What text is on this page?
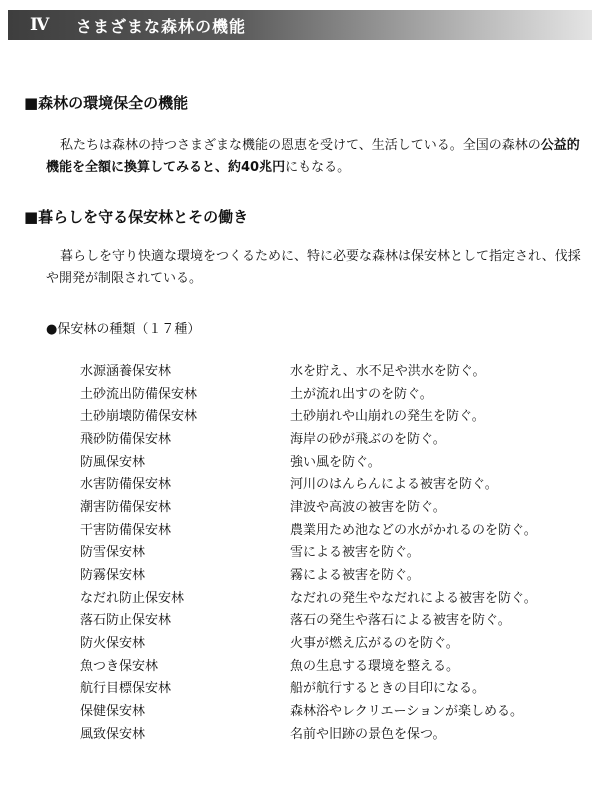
Ⅳ	さまざまな森林の機能
■森林の環境保全の機能
私たちは森林の持つさまざまな機能の恩恵を受けて、生活している。全国の森林の公益的機能を全額に換算してみると、約40兆円にもなる。
■暮らしを守る保安林とその働き
暮らしを守り快適な環境をつくるために、特に必要な森林は保安林として指定され、伐採や開発が制限されている。
●保安林の種類（１７種）
水源涵養保安林	水を貯え、水不足や洪水を防ぐ。
土砂流出防備保安林	土が流れ出すのを防ぐ。
土砂崩壊防備保安林	土砂崩れや山崩れの発生を防ぐ。
飛砂防備保安林	海岸の砂が飛ぶのを防ぐ。
防風保安林	強い風を防ぐ。
水害防備保安林	河川のはんらんによる被害を防ぐ。
潮害防備保安林	津波や高波の被害を防ぐ。
干害防備保安林	農業用ため池などの水がかれるのを防ぐ。
防雪保安林	雪による被害を防ぐ。
防霧保安林	霧による被害を防ぐ。
なだれ防止保安林	なだれの発生やなだれによる被害を防ぐ。
落石防止保安林	落石の発生や落石による被害を防ぐ。
防火保安林	火事が燃え広がるのを防ぐ。
魚つき保安林	魚の生息する環境を整える。
航行目標保安林	船が航行するときの目印になる。
保健保安林	森林浴やレクリエーションが楽しめる。
風致保安林	名前や旧跡の景色を保つ。
